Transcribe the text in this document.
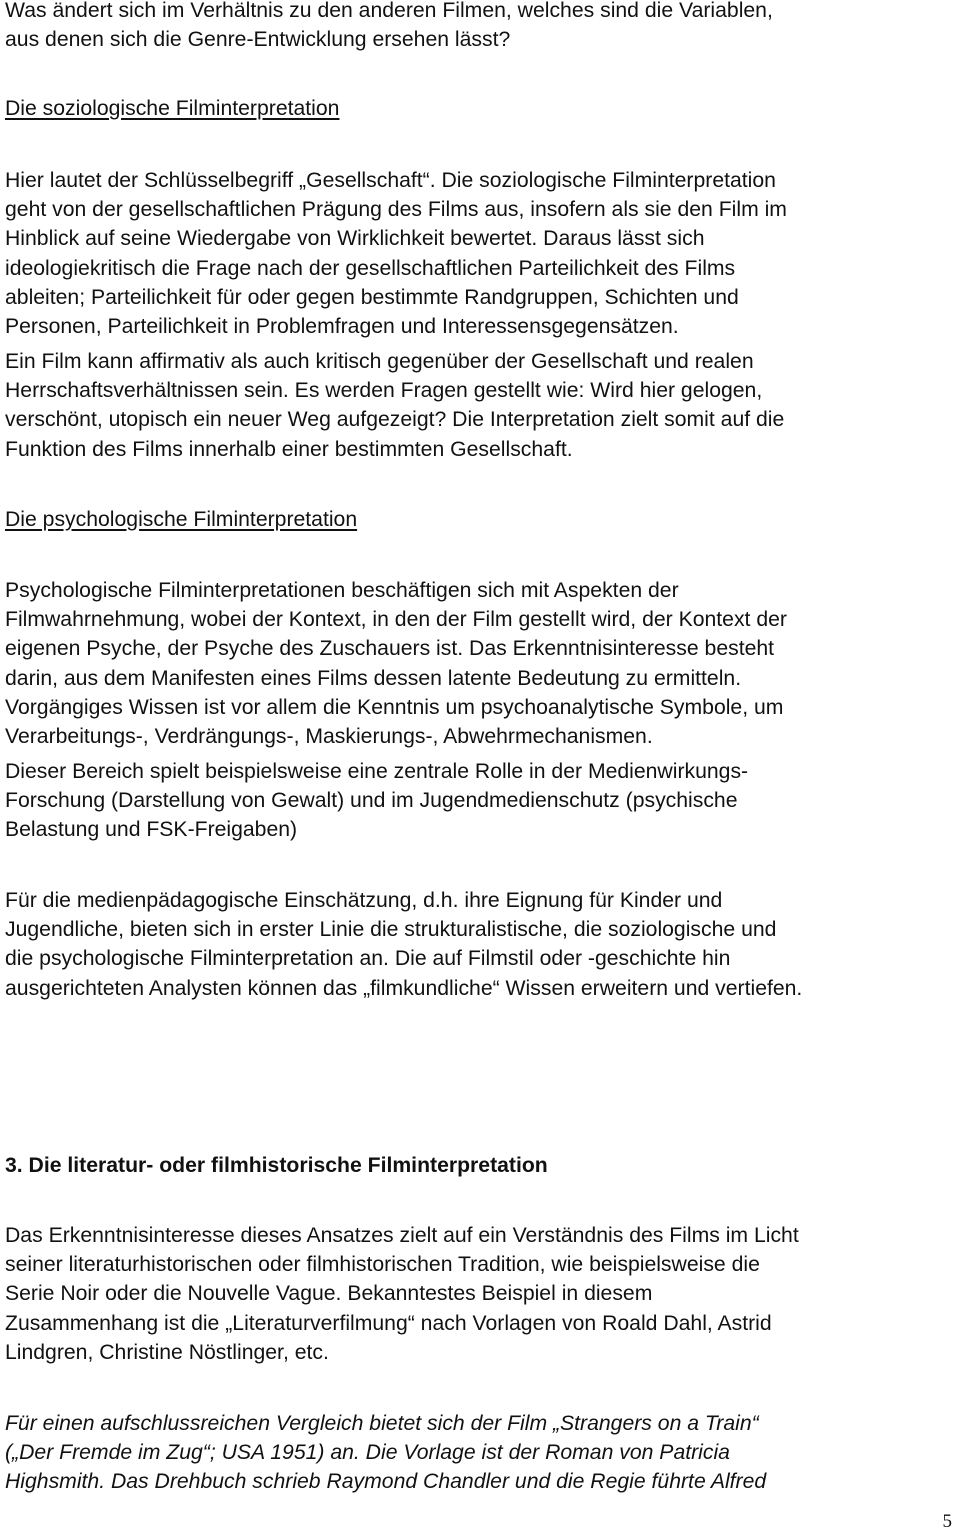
Was ändert sich im Verhältnis zu den anderen Filmen, welches sind die Variablen,
aus denen sich die Genre-Entwicklung ersehen lässt?

Die soziologische Filminterpretation

Hier lautet der Schlüsselbegriff „Gesellschaft“. Die soziologische Filminterpretation
geht von der gesellschaftlichen Prägung des Films aus, insofern als sie den Film im
Hinblick auf seine Wiedergabe von Wirklichkeit bewertet. Daraus lässt sich
ideologiekritisch die Frage nach der gesellschaftlichen Parteilichkeit des Films
ableiten; Parteilichkeit für oder gegen bestimmte Randgruppen, Schichten und
Personen, Parteilichkeit in Problemfragen und Interessensgegensätzen.

Ein Film kann affirmativ als auch kritisch gegenüber der Gesellschaft und realen
Herrschaftsverhältnissen sein. Es werden Fragen gestellt wie: Wird hier gelogen,
verschönt, utopisch ein neuer Weg aufgezeigt? Die Interpretation zielt somit auf die
Funktion des Films innerhalb einer bestimmten Gesellschaft.

Die psychologische Filminterpretation

Psychologische Filminterpretationen beschäftigen sich mit Aspekten der
Filmwahrnehmung, wobei der Kontext, in den der Film gestellt wird, der Kontext der
eigenen Psyche, der Psyche des Zuschauers ist. Das Erkenntnisinteresse besteht
darin, aus dem Manifesten eines Films dessen latente Bedeutung zu ermitteln.
Vorgängiges Wissen ist vor allem die Kenntnis um psychoanalytische Symbole, um
Verarbeitungs-, Verdrängungs-, Maskierungs-, Abwehrmechanismen.

Dieser Bereich spielt beispielsweise eine zentrale Rolle in der Medienwirkungs-
Forschung (Darstellung von Gewalt) und im Jugendmedienschutz (psychische
Belastung und FSK-Freigaben)

Für die medienpädagogische Einschätzung, d.h. ihre Eignung für Kinder und
Jugendliche, bieten sich in erster Linie die strukturalistische, die soziologische und
die psychologische Filminterpretation an. Die auf Filmstil oder -geschichte hin
ausgerichteten Analysten können das „filmkundliche“ Wissen erweitern und vertiefen.

3. Die literatur- oder filmhistorische Filminterpretation

Das Erkenntnisinteresse dieses Ansatzes zielt auf ein Verständnis des Films im Licht
seiner literaturhistorischen oder filmhistorischen Tradition, wie beispielsweise die
Serie Noir oder die Nouvelle Vague. Bekanntestes Beispiel in diesem
Zusammenhang ist die „Literaturverfilmung“ nach Vorlagen von Roald Dahl, Astrid
Lindgren, Christine Nöstlinger, etc.

Für einen aufschlussreichen Vergleich bietet sich der Film „Strangers on a Train“
(„Der Fremde im Zug“; USA 1951) an. Die Vorlage ist der Roman von Patricia
Highsmith. Das Drehbuch schrieb Raymond Chandler und die Regie führte Alfred

5
